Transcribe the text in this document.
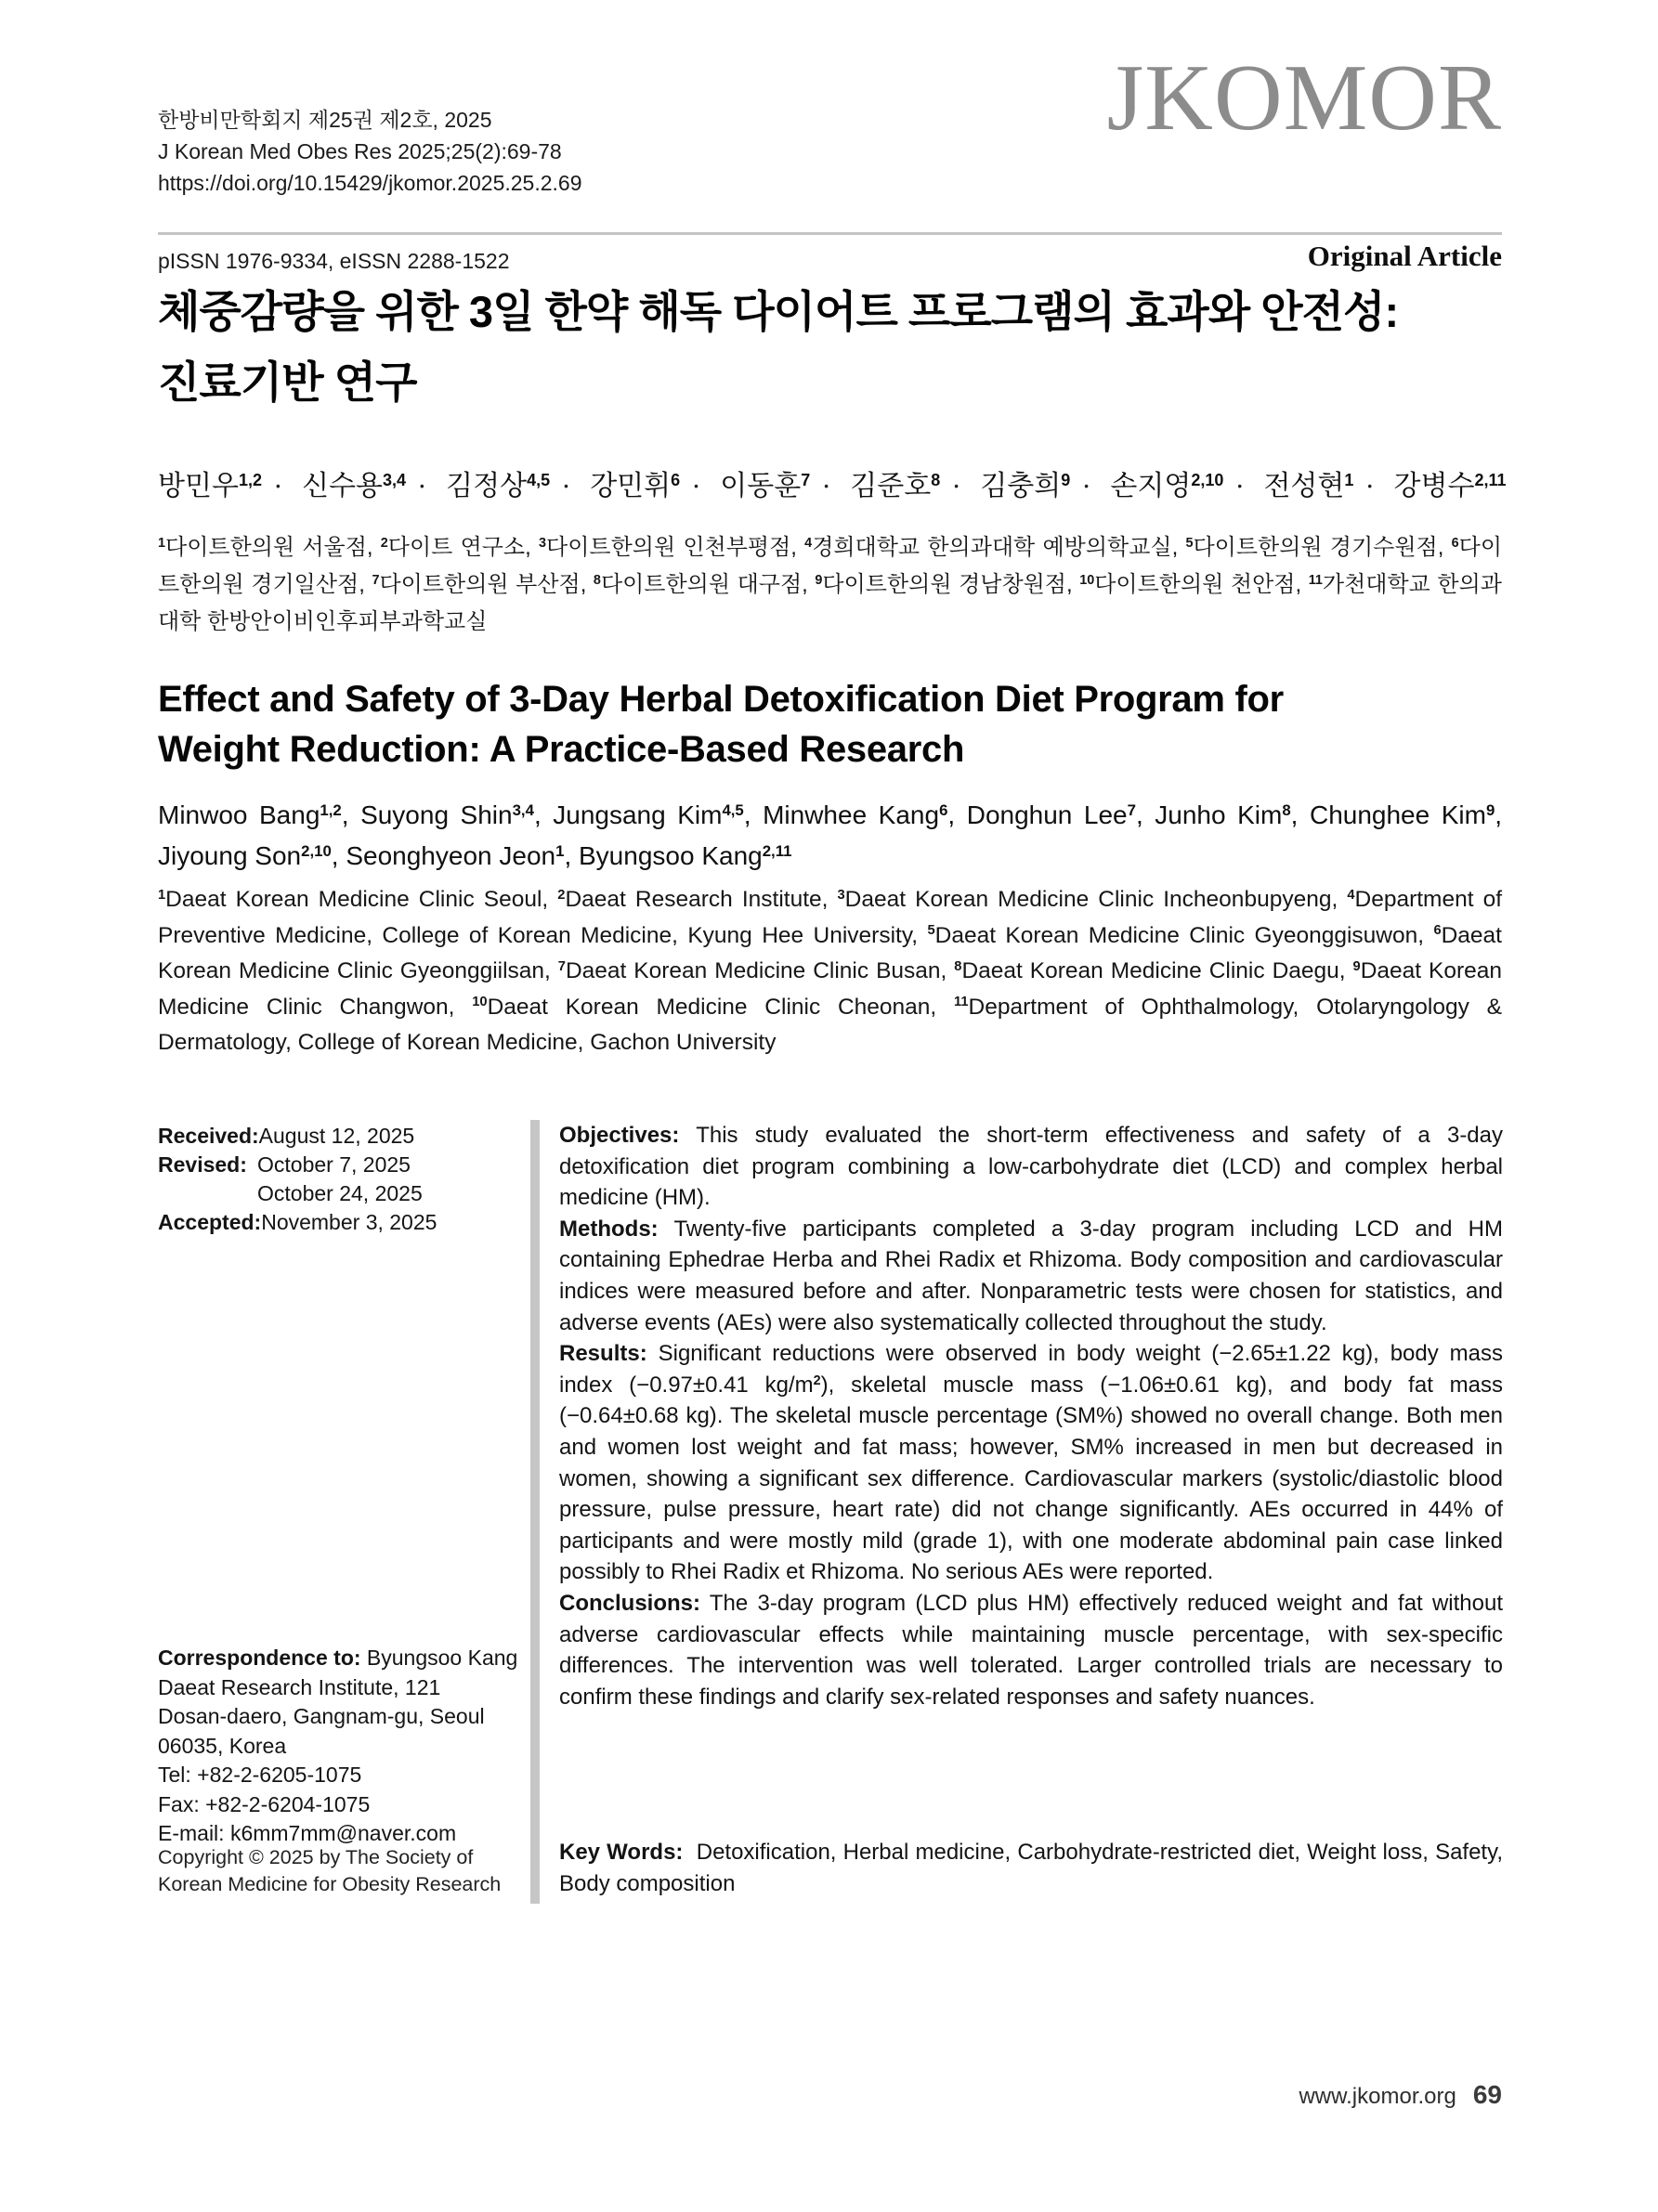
한방비만학회지 제25권 제2호, 2025
J Korean Med Obes Res 2025;25(2):69-78
https://doi.org/10.15429/jkomor.2025.25.2.69
JKOMOR
pISSN 1976-9334, eISSN 2288-1522	Original Article
체중감량을 위한 3일 한약 해독 다이어트 프로그램의 효과와 안전성:
진료기반 연구
방민우$^{1,2}$ • 신수용$^{3,4}$ • 김정상$^{4,5}$ • 강민휘$^6$ • 이동훈$^7$ • 김준호$^8$ • 김충희$^9$ • 손지영$^{2,10}$ • 전성현$^1$ • 강병수$^{2,11}$
$^1$다이트한의원 서울점, $^2$다이트 연구소, $^3$다이트한의원 인천부평점, $^4$경희대학교 한의과대학 예방의학교실, $^5$다이트한의원 경기수원점, $^6$다이트한의원 경기일산점, $^7$다이트한의원 부산점, $^8$다이트한의원 대구점, $^9$다이트한의원 경남창원점, $^{10}$다이트한의원 천안점, $^{11}$가천대학교 한의과대학 한방안이비인후피부과학교실
Effect and Safety of 3-Day Herbal Detoxification Diet Program for
Weight Reduction: A Practice-Based Research
Minwoo Bang$^{1,2}$ , Suyong Shin$^{3,4}$ , Jungsang Kim$^{4,5}$ , Minwhee Kang$^6$ , Donghun Lee$^7$ , Junho Kim$^8$ , Chunghee Kim$^9$ , Jiyoung Son$^{2,10}$ , Seonghyeon Jeon$^1$ , Byungsoo Kang$^{2,11}$
$^1$Daeat Korean Medicine Clinic Seoul, $^2$Daeat Research Institute, $^3$Daeat Korean Medicine Clinic Incheonbupyeng, $^4$Department of Preventive Medicine, College of Korean Medicine, Kyung Hee University, $^5$Daeat Korean Medicine Clinic Gyeonggisuwon, $^6$Daeat Korean Medicine Clinic Gyeonggiilsan, $^7$Daeat Korean Medicine Clinic Busan, $^8$Daeat Korean Medicine Clinic Daegu, $^9$Daeat Korean Medicine Clinic Changwon, $^{10}$Daeat Korean Medicine Clinic Cheonan, $^{11}$Department of Ophthalmology, Otolaryngology & Dermatology, College of Korean Medicine, Gachon University
Received: August 12, 2025
Revised: October 7, 2025
October 24, 2025
Accepted: November 3, 2025
Correspondence to: Byungsoo Kang
Daeat Research Institute, 121
Dosan-daero, Gangnam-gu, Seoul
06035, Korea
Tel: +82-2-6205-1075
Fax: +82-2-6204-1075
E-mail: k6mm7mm@naver.com
Copyright © 2025 by The Society of Korean Medicine for Obesity Research

Objectives: This study evaluated the short-term effectiveness and safety of a 3-day detoxification diet program combining a low-carbohydrate diet (LCD) and complex herbal medicine (HM).

Methods: Twenty-five participants completed a 3-day program including LCD and HM containing Ephedrae Herba and Rhei Radix et Rhizoma. Body composition and cardiovascular indices were measured before and after. Nonparametric tests were chosen for statistics, and adverse events (AEs) were also systematically collected throughout the study.

Results: Significant reductions were observed in body weight (−2.65±1.22 kg), body mass index (−0.97±0.41 $kg/m^2$), skeletal muscle mass (−1.06±0.61 kg), and body fat mass (−0.64±0.68 kg). The skeletal muscle percentage (SM%) showed no overall change. Both men and women lost weight and fat mass; however, SM% increased in men but decreased in women, showing a significant sex difference. Cardiovascular markers (systolic/diastolic blood pressure, pulse pressure, heart rate) did not change significantly. AEs occurred in 44% of participants and were mostly mild (grade 1), with one moderate abdominal pain case linked possibly to Rhei Radix et Rhizoma. No serious AEs were reported.

Conclusions: The 3-day program (LCD plus HM) effectively reduced weight and fat without adverse cardiovascular effects while maintaining muscle percentage, with sex-specific differences. The intervention was well tolerated. Larger controlled trials are necessary to confirm these findings and clarify sex-related responses and safety nuances.

Key Words: Detoxification, Herbal medicine, Carbohydrate-restricted diet, Weight loss, Safety, Body composition
www.jkomor.org 69
